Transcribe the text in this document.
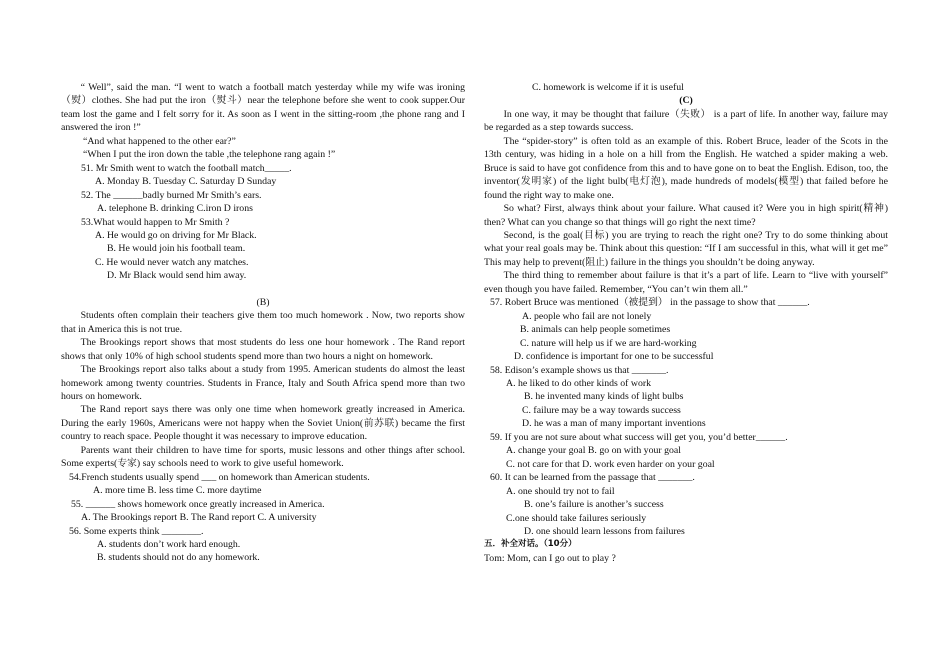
“ Well”, said the man. “I went to watch a football match yesterday while my wife was ironing（熨）clothes. She had put the iron（熨斗）near the telephone before she went to cook supper.Our team lost the game and I felt sorry for it. As soon as I went in the sitting-room ,the phone rang and I answered the iron !”
“And what happened to the other ear?”
“When I put the iron down the table ,the telephone rang again !”
51. Mr Smith went to watch the football match_____.
A. Monday B. Tuesday C. Saturday D Sunday
52. The ______badly burned Mr Smith’s ears.
A. telephone B. drinking C.iron D irons
53.What would happen to Mr Smith ?
A. He would go on driving for Mr Black.
B. He would join his football team.
C. He would never watch any matches.
D. Mr Black would send him away.
(B)
Students often complain their teachers give them too much homework . Now, two reports show that in America this is not true.
The Brookings report shows that most students do less one hour homework . The Rand report shows that only 10% of high school students spend more than two hours a night on homework.
The Brookings report also talks about a study from 1995. American students do almost the least homework among twenty countries. Students in France, Italy and South Africa spend more than two hours on homework.
The Rand report says there was only one time when homework greatly increased in America. During the early 1960s, Americans were not happy when the Soviet Union(前苏联) became the first country to reach space. People thought it was necessary to improve education.
Parents want their children to have time for sports, music lessons and other things after school. Some experts(专家) say schools need to work to give useful homework.
54.French students usually spend ___ on homework than American students.
A. more time B. less time C. more daytime
55. ______ shows homework once greatly increased in America.
A. The Brookings report B. The Rand report C. A university
56. Some experts think ________.
A. students don’t work hard enough.
B. students should not do any homework.
C. homework is welcome if it is useful
(C)
In one way, it may be thought that failure（失败） is a part of life. In another way, failure may be regarded as a step towards success.
The “spider-story” is often told as an example of this. Robert Bruce, leader of the Scots in the 13th century, was hiding in a hole on a hill from the English. He watched a spider making a web. Bruce is said to have got confidence from this and to have gone on to beat the English. Edison, too, the inventor(发明家) of the light bulb(电灯泡), made hundreds of models(模型) that failed before he found the right way to make one.
So what? First, always think about your failure. What caused it? Were you in high spirit(精神) then? What can you change so that things will go right the next time?
Second, is the goal(目标) you are trying to reach the right one? Try to do some thinking about what your real goals may be. Think about this question: “If I am successful in this, what will it get me” This may help to prevent(阻止) failure in the things you shouldn’t be doing anyway.
The third thing to remember about failure is that it’s a part of life. Learn to “live with yourself” even though you have failed. Remember, “You can’t win them all.”
57. Robert Bruce was mentioned（被提到） in the passage to show that ______.
A. people who fail are not lonely
B. animals can help people sometimes
C. nature will help us if we are hard-working
D. confidence is important for one to be successful
58. Edison’s example shows us that _______.
A. he liked to do other kinds of work
B. he invented many kinds of light bulbs
C. failure may be a way towards success
D. he was a man of many important inventions
59. If you are not sure about what success will get you, you’d better______.
A. change your goal B. go on with your goal
C. not care for that D. work even harder on your goal
60. It can be learned from the passage that _______.
A. one should try not to fail
B. one’s failure is another’s success
C.one should take failures seriously
D. one should learn lessons from failures
五．补全对话。（10分）
Tom: Mom, can I go out to play ?
